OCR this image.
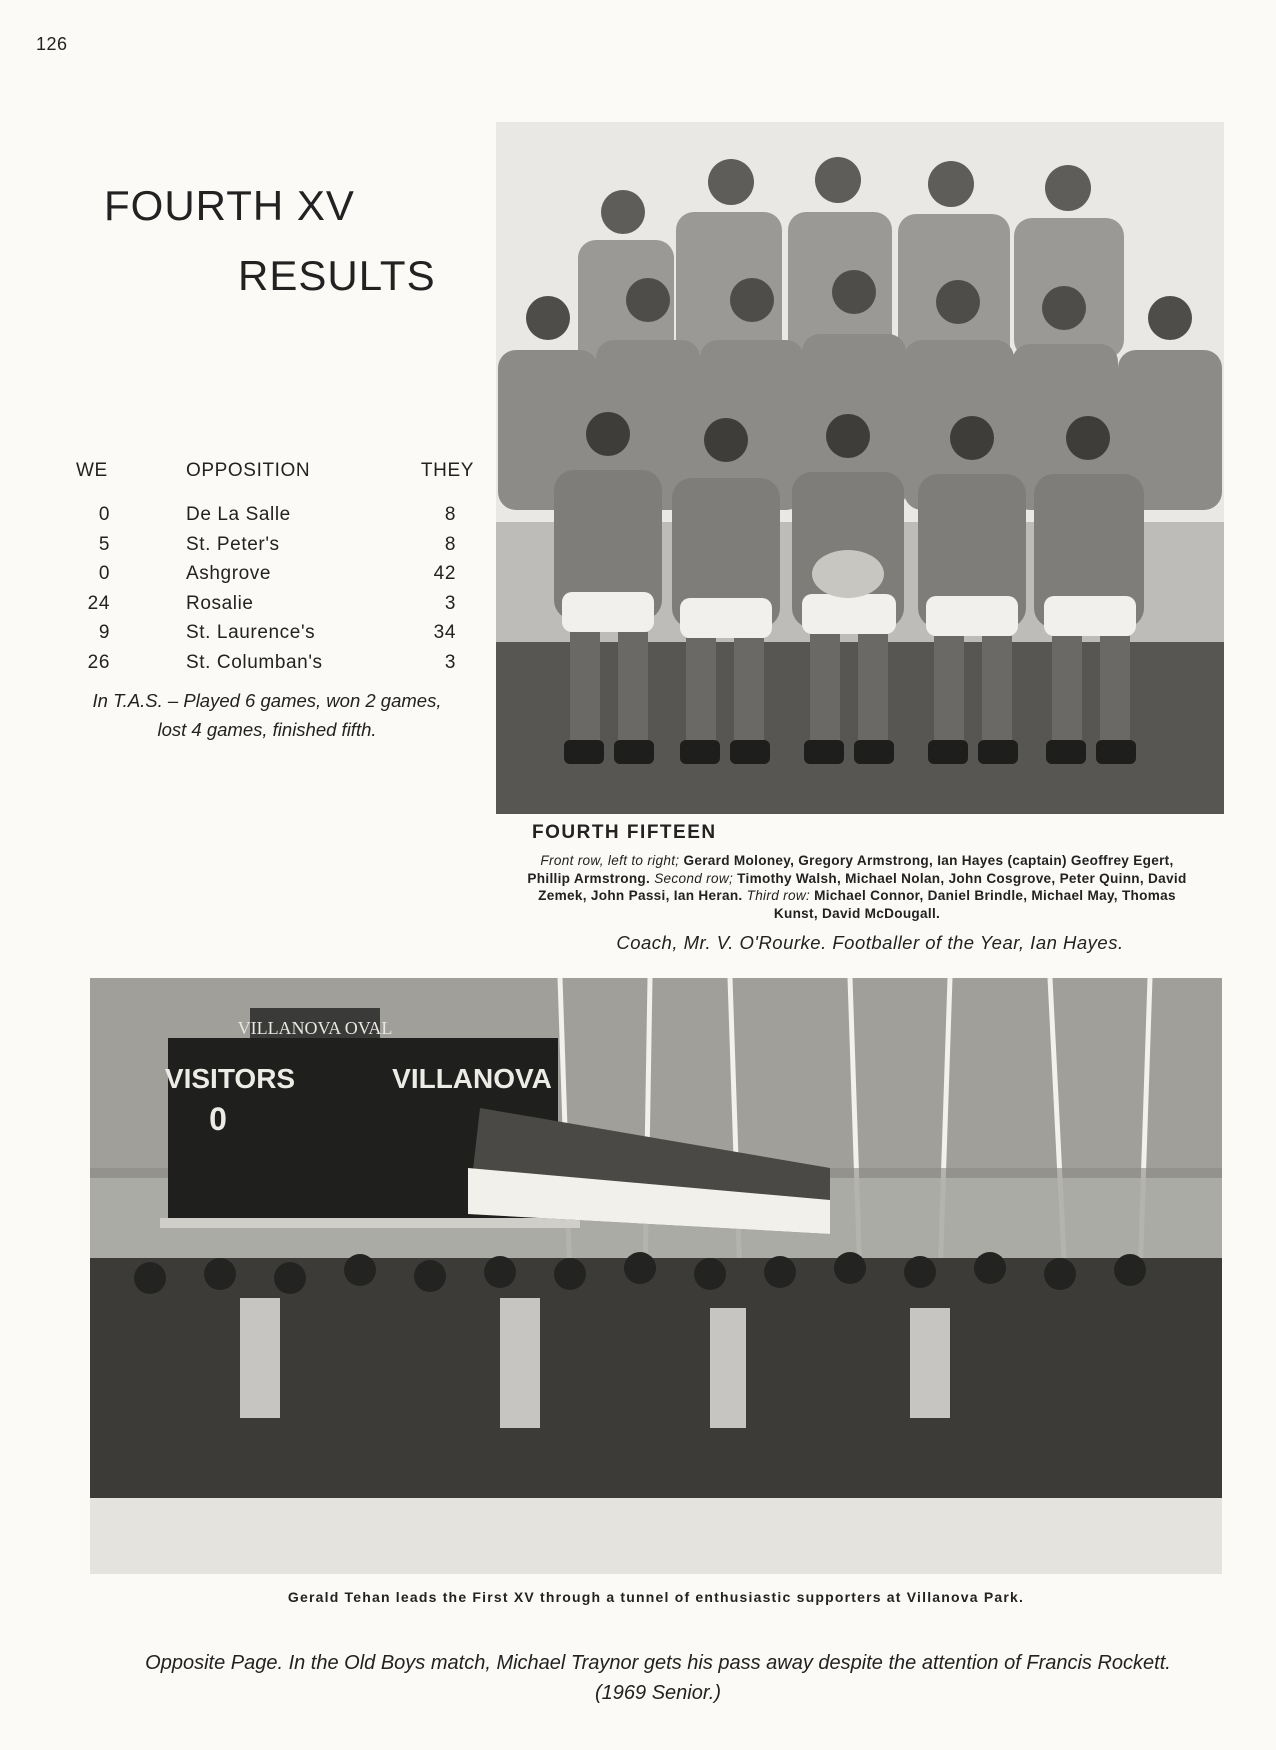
126
FOURTH XV
RESULTS
WE	OPPOSITION	THEY
0	De La Salle	8
5	St. Peter's	8
0	Ashgrove	42
24	Rosalie	3
9	St. Laurence's	34
26	St. Columban's	3
In T.A.S. – Played 6 games, won 2 games,
lost 4 games, finished fifth.
FOURTH FIFTEEN
Front row, left to right; Gerard Moloney, Gregory Armstrong, Ian Hayes (captain) Geoffrey Egert, Phillip Armstrong. Second row; Timothy Walsh, Michael Nolan, John Cosgrove, Peter Quinn, David Zemek, John Passi, Ian Heran. Third row: Michael Connor, Daniel Brindle, Michael May, Thomas Kunst, David McDougall.
Coach, Mr. V. O'Rourke. Footballer of the Year, Ian Hayes.
VILLANOVA OVAL
VISITORS	VILLANOVA
0
Gerald Tehan leads the First XV through a tunnel of enthusiastic supporters at Villanova Park.
Opposite Page. In the Old Boys match, Michael Traynor gets his pass away despite the attention of Francis Rockett.
(1969 Senior.)
